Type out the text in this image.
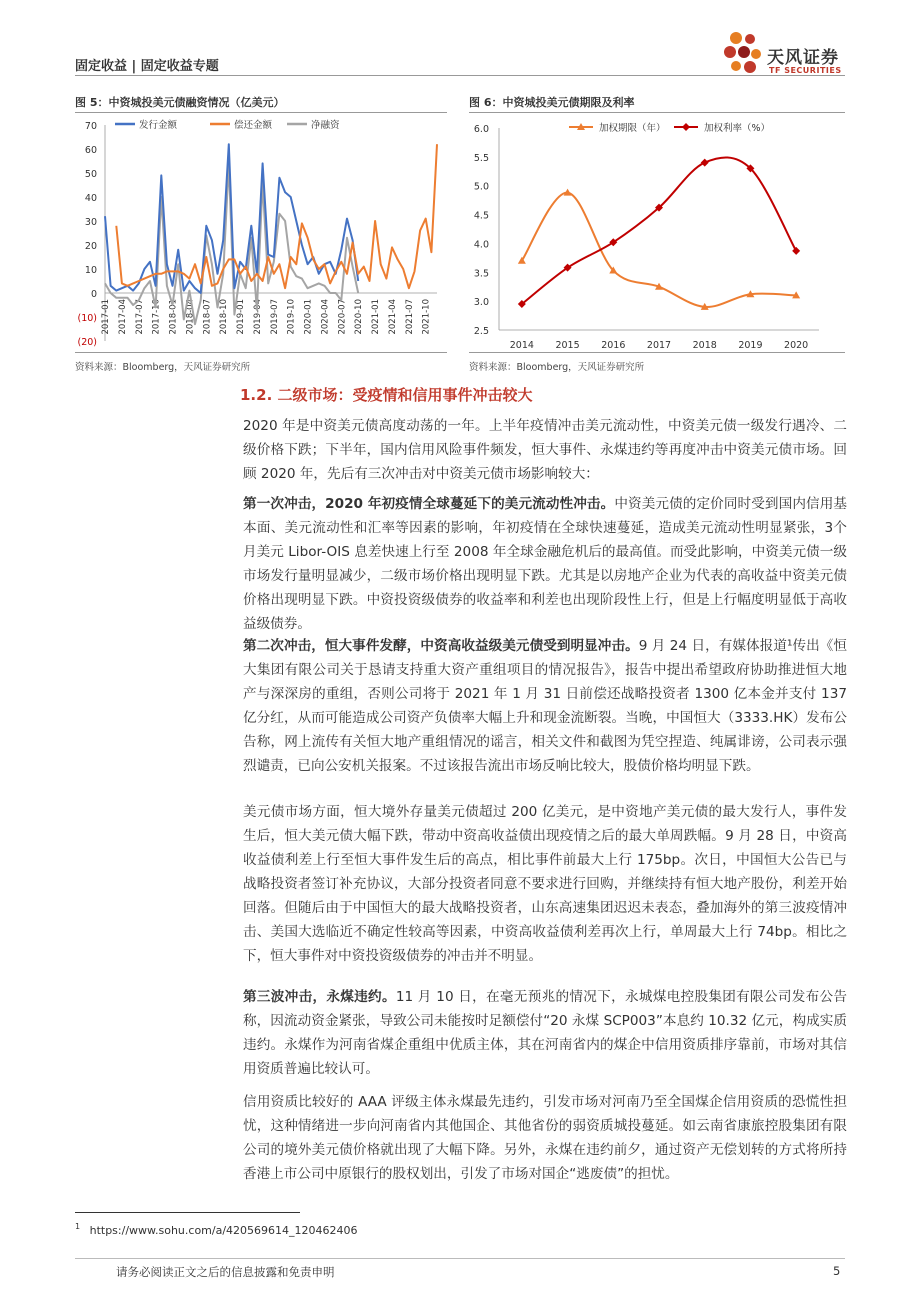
固定收益 | 固定收益专题	天风证券
TF SECURITIES
图 5：中资城投美元债融资情况（亿美元）
70
60
50
40
30
20
10
0
(10)
(20)
2017-01 2017-04 2017-07 2017-10 2018-01 2018-04 2018-07 2018-10 2019-01 2019-04 2019-07 2019-10 2020-01 2020-04 2020-07 2020-10 2021-01 2021-04 2021-07 2021-10
发行金额	偿还金额	净融资
资料来源：Bloomberg，天风证券研究所
图 6：中资城投美元债期限及利率
6.0
5.5
5.0
4.5
4.0
3.5
3.0
2.5
2014 2015 2016 2017 2018 2019 2020
加权期限（年）	加权利率（%）
资料来源：Bloomberg，天风证券研究所
1.2. 二级市场：受疫情和信用事件冲击较大

2020 年是中资美元债高度动荡的一年。上半年疫情冲击美元流动性，中资美元债一级发行遇冷、二级价格下跌；下半年，国内信用风险事件频发，恒大事件、永煤违约等再度冲击中资美元债市场。回顾 2020 年，先后有三次冲击对中资美元债市场影响较大：

第一次冲击，2020 年初疫情全球蔓延下的美元流动性冲击。中资美元债的定价同时受到国内信用基本面、美元流动性和汇率等因素的影响，年初疫情在全球快速蔓延，造成美元流动性明显紧张，3个月美元 Libor-OIS 息差快速上行至 2008 年全球金融危机后的最高值。而受此影响，中资美元债一级市场发行量明显减少，二级市场价格出现明显下跌。尤其是以房地产企业为代表的高收益中资美元债价格出现明显下跌。中资投资级债券的收益率和利差也出现阶段性上行，但是上行幅度明显低于高收益级债券。

第二次冲击，恒大事件发酵，中资高收益级美元债受到明显冲击。9 月 24 日，有媒体报道¹传出《恒大集团有限公司关于恳请支持重大资产重组项目的情况报告》，报告中提出希望政府协助推进恒大地产与深深房的重组，否则公司将于 2021 年 1 月 31 日前偿还战略投资者 1300 亿本金并支付 137 亿分红，从而可能造成公司资产负债率大幅上升和现金流断裂。当晚，中国恒大（3333.HK）发布公告称，网上流传有关恒大地产重组情况的谣言，相关文件和截图为凭空捏造、纯属诽谤，公司表示强烈谴责，已向公安机关报案。不过该报告流出市场反响比较大，股债价格均明显下跌。

美元债市场方面，恒大境外存量美元债超过 200 亿美元，是中资地产美元债的最大发行人，事件发生后，恒大美元债大幅下跌，带动中资高收益债出现疫情之后的最大单周跌幅。9 月 28 日，中资高收益债利差上行至恒大事件发生后的高点，相比事件前最大上行 175bp。次日，中国恒大公告已与战略投资者签订补充协议，大部分投资者同意不要求进行回购，并继续持有恒大地产股份，利差开始回落。但随后由于中国恒大的最大战略投资者，山东高速集团迟迟未表态，叠加海外的第三波疫情冲击、美国大选临近不确定性较高等因素，中资高收益债利差再次上行，单周最大上行 74bp。相比之下，恒大事件对中资投资级债券的冲击并不明显。

第三波冲击，永煤违约。11 月 10 日，在毫无预兆的情况下，永城煤电控股集团有限公司发布公告称，因流动资金紧张，导致公司未能按时足额偿付“20 永煤 SCP003”本息约 10.32 亿元，构成实质违约。永煤作为河南省煤企重组中优质主体，其在河南省内的煤企中信用资质排序靠前，市场对其信用资质普遍比较认可。

信用资质比较好的 AAA 评级主体永煤最先违约，引发市场对河南乃至全国煤企信用资质的恐慌性担忧，这种情绪进一步向河南省内其他国企、其他省份的弱资质城投蔓延。如云南省康旅控股集团有限公司的境外美元债价格就出现了大幅下降。另外，永煤在违约前夕，通过资产无偿划转的方式将所持香港上市公司中原银行的股权划出，引发了市场对国企“逃废债”的担忧。

$^1$ https://www.sohu.com/a/420569614_120462406
请务必阅读正文之后的信息披露和免责申明	5
